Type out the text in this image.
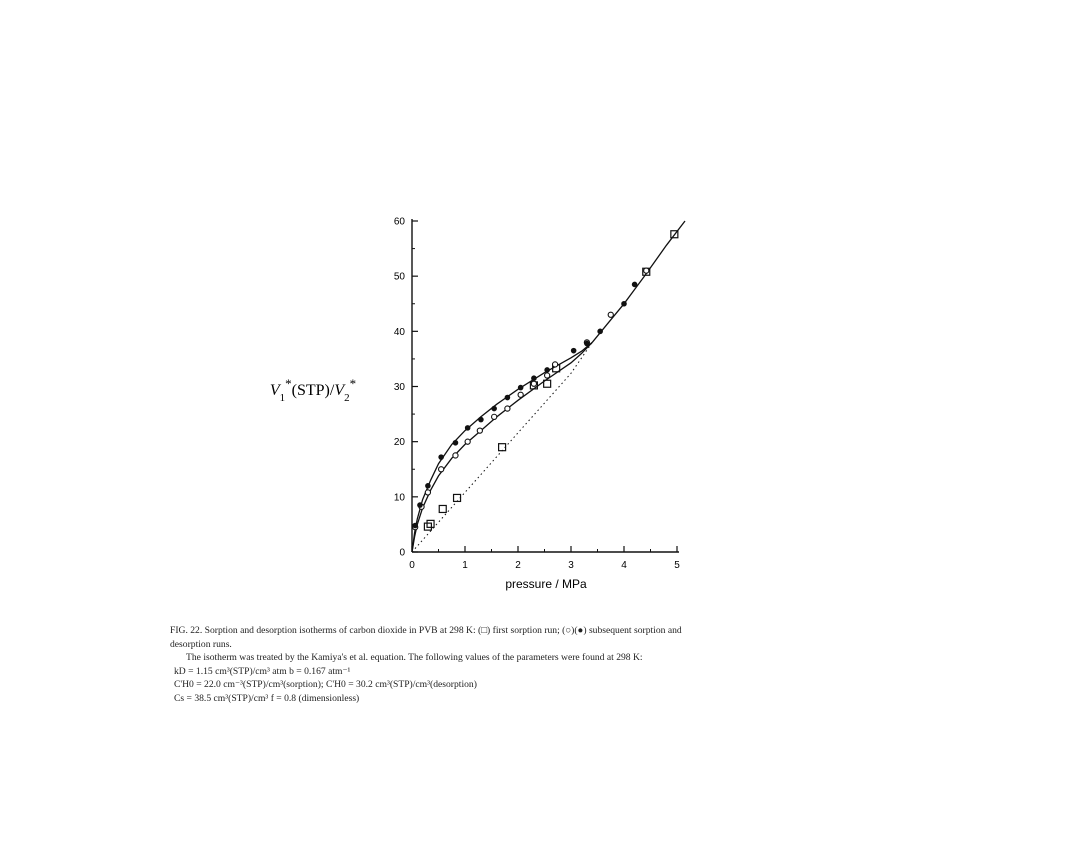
0	1	2	3	4	5
0
10
20
30
40
50
60
pressure / MPa
$V_1^*(STP)/V_2^*$
FIG. 22. Sorption and desorption isotherms of carbon dioxide in PVB at 298 K: (□) first sorption run; (○)(●) subsequent sorption and
desorption runs.
The isotherm was treated by the Kamiya's et al. equation. The following values of the parameters were found at 298 K:
kD = 1.15 cm³(STP)/cm³ atm b = 0.167 atm⁻¹
C'H0 = 22.0 cm⁻³(STP)/cm³(sorption); C'H0 = 30.2 cm³(STP)/cm³(desorption)
Cs = 38.5 cm³(STP)/cm³ f = 0.8 (dimensionless)
